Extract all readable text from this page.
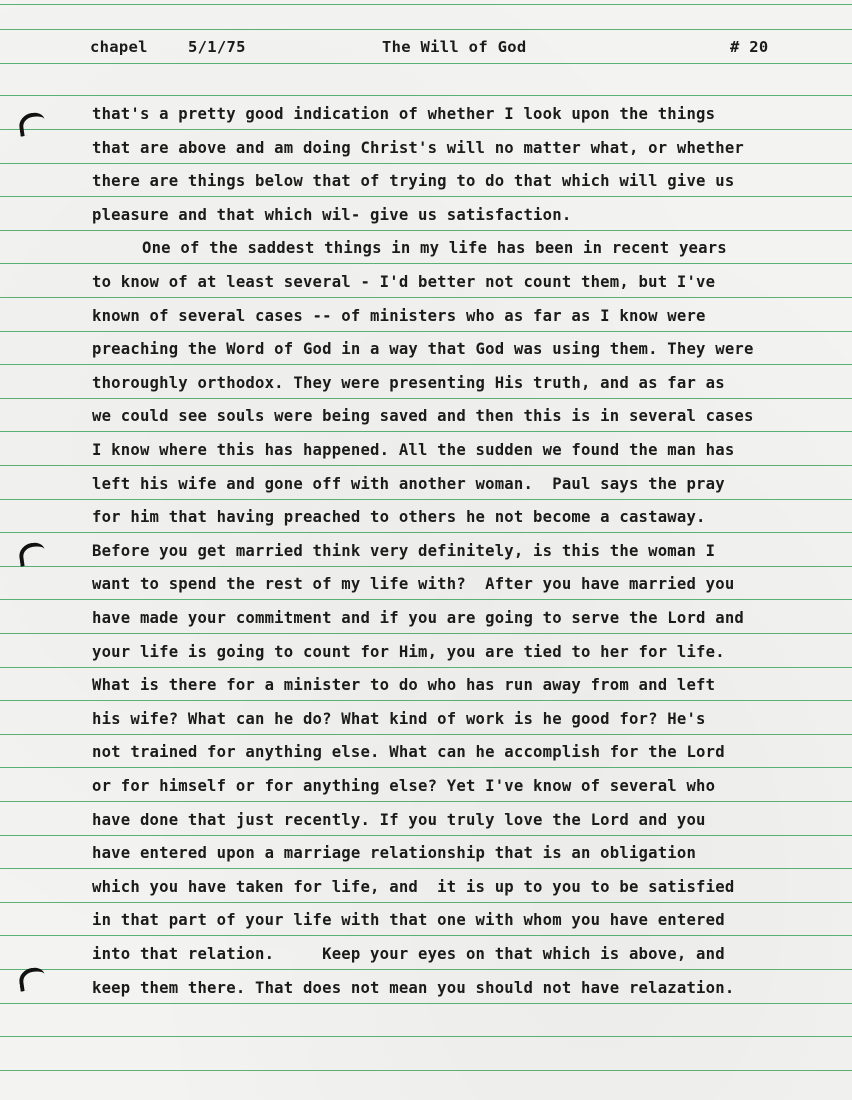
chapel	5/1/75	The Will of God	# 20
that's a pretty good indication of whether I look upon the things
that are above and am doing Christ's will no matter what, or whether
there are things below that of trying to do that which will give us
pleasure and that which wil- give us satisfaction.
One of the saddest things in my life has been in recent years
to know of at least several - I'd better not count them, but I've
known of several cases -- of ministers who as far as I know were
preaching the Word of God in a way that God was using them. They were
thoroughly orthodox. They were presenting His truth, and as far as
we could see souls were being saved and then this is in several cases
I know where this has happened. All the sudden we found the man has
left his wife and gone off with another woman.  Paul says the pray
for him that having preached to others he not become a castaway.
Before you get married think very definitely, is this the woman I
want to spend the rest of my life with?  After you have married you
have made your commitment and if you are going to serve the Lord and
your life is going to count for Him, you are tied to her for life.
What is there for a minister to do who has run away from and left
his wife? What can he do? What kind of work is he good for? He's
not trained for anything else. What can he accomplish for the Lord
or for himself or for anything else? Yet I've know of several who
have done that just recently. If you truly love the Lord and you
have entered upon a marriage relationship that is an obligation
which you have taken for life, and  it is up to you to be satisfied
in that part of your life with that one with whom you have entered
into that relation.     Keep your eyes on that which is above, and
keep them there. That does not mean you should not have relazation.
